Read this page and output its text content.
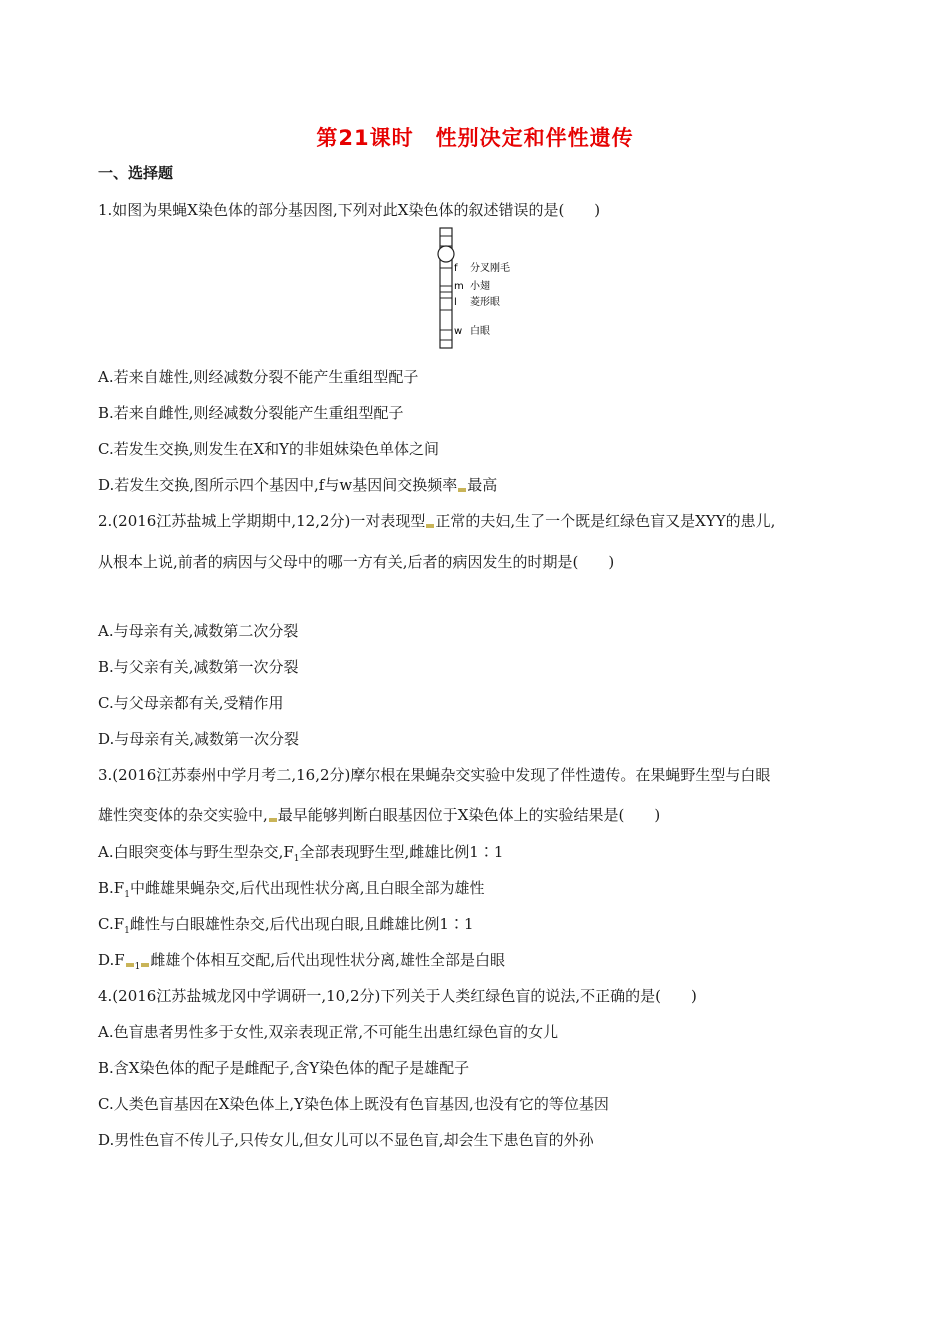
第21课时　性别决定和伴性遗传
一、选择题
1.如图为果蝇X染色体的部分基因图,下列对此X染色体的叙述错误的是(　　)
f 分叉刚毛
m 小翅
l 菱形眼
w 白眼
A.若来自雄性,则经减数分裂不能产生重组型配子
B.若来自雌性,则经减数分裂能产生重组型配子
C.若发生交换,则发生在X和Y的非姐妹染色单体之间
D.若发生交换,图所示四个基因中,f与w基因间交换频率 最高
2.(2016江苏盐城上学期期中,12,2分)一对表现型 正常的夫妇,生了一个既是红绿色盲又是XYY的患儿,
从根本上说,前者的病因与父母中的哪一方有关,后者的病因发生的时期是(　　)
A.与母亲有关,减数第二次分裂
B.与父亲有关,减数第一次分裂
C.与父母亲都有关,受精作用
D.与母亲有关,减数第一次分裂
3.(2016江苏泰州中学月考二,16,2分)摩尔根在果蝇杂交实验中发现了伴性遗传。在果蝇野生型与白眼
雄性突变体的杂交实验中, 最早能够判断白眼基因位于X染色体上的实验结果是(　　)
A.白眼突变体与野生型杂交$,F_1$全部表现野生型,雌雄比例1∶1
$B.F_1$中雌雄果蝇杂交,后代出现性状分离,且白眼全部为雄性
$C.F_1$雌性与白眼雄性杂交,后代出现白眼,且雌雄比例1∶1
D.F $_1$ 雌雄个体相互交配,后代出现性状分离,雄性全部是白眼
4.(2016江苏盐城龙冈中学调研一,10,2分)下列关于人类红绿色盲的说法,不正确的是(　　)
A.色盲患者男性多于女性,双亲表现正常,不可能生出患红绿色盲的女儿
B.含X染色体的配子是雌配子,含Y染色体的配子是雄配子
C.人类色盲基因在X染色体上,Y染色体上既没有色盲基因,也没有它的等位基因
D.男性色盲不传儿子,只传女儿,但女儿可以不显色盲,却会生下患色盲的外孙
